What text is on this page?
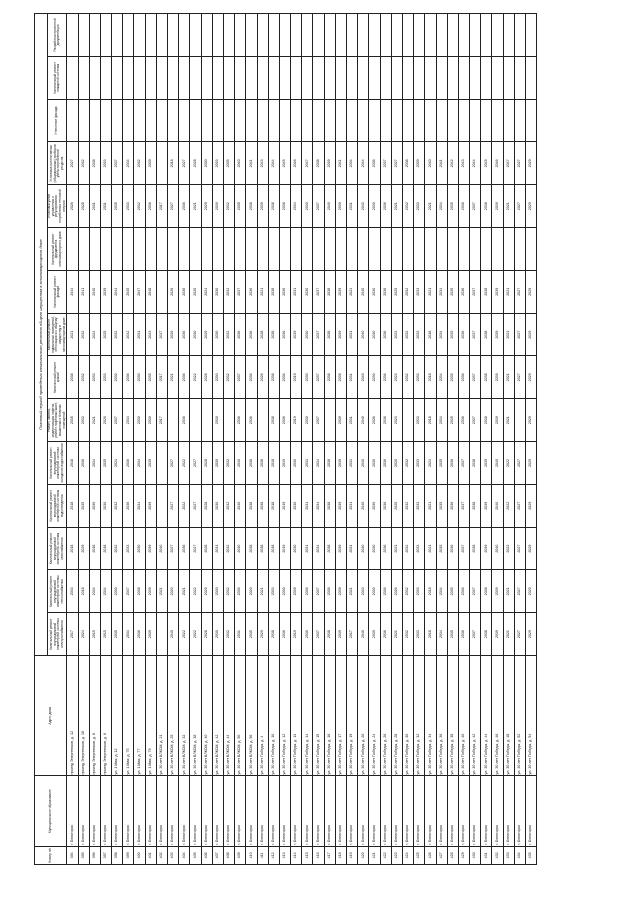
Номер п/п	Муниципальное образование	Адрес дома	Плановый период проведения капитального ремонта общего имущества в многоквартирном доме														
			Капитальный ремонт внутридомовой инженерной системы электроснабжения	Капитальный ремонт внутридомовой инженерной системы теплоснабжения	Капитальный ремонт внутридомовой инженерной системы газоснабжения	Капитальный ремонт внутридомовой инженерной системы водоотведения	Капитальный ремонт внутридомовой инженерной системы холодного водоснабжения	Ремонт, замена, модернизация лифтов, ремонт лифтовых шахт, машинных и блочных помещений	Капитальный ремонт крыши	Капитальный ремонт подвальных помещений, относящихся к общему имуществу в многоквартирном доме	Капитальный ремонт фасада	Капитальный ремонт фундамента многоквартирного дома	Установка узлов управления и регулирования потребления тепловой энергии	Установка коллективных (общедомовых) приборов учета потребления ресурсов	Утепление фасада	Капитальный ремонт пожарной системы	Разработка проектной документации
394	г. Белогорск	проезд Энергетиков, д. 12	2017	2033	2018	2018	2018	2035	2038	2021	2044		2026	2027			
395	г. Белогорск	проезд Энергетиков, д. 16	2024	2018	2029	2035	2036	2033	2032	2032	2041		2028	2032			
396	г. Белогорск	проезд Энергетиков, д. 8	2015	2034	2018	2030	2034	2021	2033	2024	2040		2031	2038			
397	г. Белогорск	проезд Энергетиков, д. 6	2015	2034	2018	2030	2035	2026	2033	2025	2039		2031	2033			
398	г. Белогорск	ул. 1 Мая, д. 12	2035	2030	2032	2032	2021	2037	2030	2032	2044		2035	2037			
399	г. Белогорск	ул. 1 Мая, д. 75	2034	2037	2033	2036	2036	2034	2036	2042	2045		2033	2034			
400	г. Белогорск	ул. 1 Мая, д. 77	2036	2038	2030	2034	2034	2030	2030	2031	2047		2032	2032			
401	г. Белогорск	ул. 1 Мая, д. 79	2039	2039	2039	2039	2039	2030	2035	2043	2048		2036	2039			
402	г. Белогорск	ул. 30 лет ВЛКСМ, д. 21		2021	2040			2017	2017	2017			2017				
403	г. Белогорск	ул. 30 лет ВЛКСМ, д. 25	2040	2020	2027	2027	2027		2021	2026	2026		2027	2018			
404	г. Белогорск	ул. 30 лет ВЛКСМ, д. 32	2022	2021	2036	2022	2022	2036	2036	2036	2036		2036	2027			
405	г. Белогорск	ул. 30 лет ВЛКСМ, д. 38	2022	2022	2027	2027	2027		2022	2030	2020		2021	2028			
406	г. Белогорск	ул. 30 лет ВЛКСМ, д. 40	2028	2029	2028	2028	2028		2028	2029	2024		2029	2030			
407	г. Белогорск	ул. 30 лет ВЛКСМ, д. 42	2030	2030	2031	2030	2030	2030	2030	2030	2030		2030	2033			
408	г. Белогорск	ул. 30 лет ВЛКСМ, д. 44	2032	2032	2032	2032	2032		2032	2032	2032		2032	2035			
409	г. Белогорск	ул. 30 лет ВЛКСМ, д. 50	2031	2035	2040	2040	2040	2036	2037	2036	2037		2035	2040			
410	г. Белогорск	ул. 30 лет ВЛКСМ, д. 56	2035	2020	2038	2038	2038	2036	2036	2036	2036		2038	2041			
411	г. Белогорск	ул. 30 лет Победы, д. 4	2020	2021	2038	2038	2038		2026	2028	2021		2039	2043			
412	г. Белогорск	ул. 30 лет Победы, д. 10	2038	2033	2018	2018	2018	2038	2038	2038	2038		2038	2044			
413	г. Белогорск	ул. 30 лет Победы, д. 12	2036	2030	2019	2019	2019	2036	2036	2036	2036		2036	2045			
414	г. Белогорск	ул. 30 лет Победы, д. 13	2019	2039	2030	2030	2030	2019	2019	2019	2031		2034	2046			
415	г. Белогорск	ул. 30 лет Победы, д. 14	2030	2036	2031	2031	2031	2030	2030	2030	2030		2030	2047			
416	г. Белогорск	ул. 30 лет Победы, д. 15	2037	2037	2034	2034	2034	2037	2037	2037	2037		2037	2038			
417	г. Белогорск	ул. 30 лет Победы, д. 16	2038	2038	2038	2038	2038		2038	2038	2038		2040	2039			
418	г. Белогорск	ул. 30 лет Победы, д. 17	2039	2039	2039	2039	2039	2039	2039	2039	2039		2039	2041			
419	г. Белогорск	ул. 30 лет Победы, д. 19	2017	2021	2031	2031	2031	2031	2031	2031	2024		2031	2034			
420	г. Белогорск	ул. 30 лет Победы, д. 20	2040	2040	2040	2040	2040	2040	2040	2040	2040		2043	2044			
421	г. Белогорск	ул. 30 лет Победы, д. 24	2030	2030	2030	2030	2030	2036	2030	2030	2030		2030	2036			
422	г. Белогорск	ул. 30 лет Победы, д. 26	2036	2036	2036	2036	2036	2036	2036	2036	2036		2036	2037			
423	г. Белогорск	ул. 30 лет Победы, д. 28	2021	2026	2021	2020	2020	2023	2023	2023	2025		2021	2027			
424	г. Белогорск	ул. 30 лет Победы, д. 30	2032	2032	2032	2032	2032		2032	2032	2032		2032	2038			
425	г. Белогорск	ул. 30 лет Победы, д. 32	2033	2033	2033	2033	2033	2033	2033	2033	2033		2033	2039			
426	г. Белогорск	ул. 30 лет Победы, д. 34	2018	2018	2021	2021	2021	2018	2018	2018	2021		2021	2040			
427	г. Белогорск	ул. 30 лет Победы, д. 36	2034	2034	2035	2035	2035	2034	2034	2034	2034		2034	2041			
428	г. Белогорск	ул. 30 лет Победы, д. 38	2035	2035	2036	2036	2036	2035	2035	2035	2035		2035	2042			
429	г. Белогорск	ул. 30 лет Победы, д. 40	2036	2036	2037	2037	2037	2036	2036	2036	2036		2036	2043			
430	г. Белогорск	ул. 30 лет Победы, д. 42	2037	2037	2038	2038	2038	2037	2037	2037	2037		2037	2044			
431	г. Белогорск	ул. 30 лет Победы, д. 44	2038	2038	2039	2039	2039	2038	2038	2038	2038		2038	2045			
432	г. Белогорск	ул. 30 лет Победы, д. 46	2039	2039	2040	2040	2040	2039	2039	2039	2039		2039	2046			
433	г. Белогорск	ул. 30 лет Победы, д. 48	2021	2021	2022	2022	2022	2021	2021	2021	2021		2021	2047			
434	г. Белогорск	ул. 30 лет Победы, д. 52	2027	2027	2027	2027	2027		2027	2027	2027		2027	2027			
435	г. Белогорск	ул. 30 лет Победы, д. 54	2029	2029	2029	2029	2029	2029	2029	2029	2029		2029	2029			
